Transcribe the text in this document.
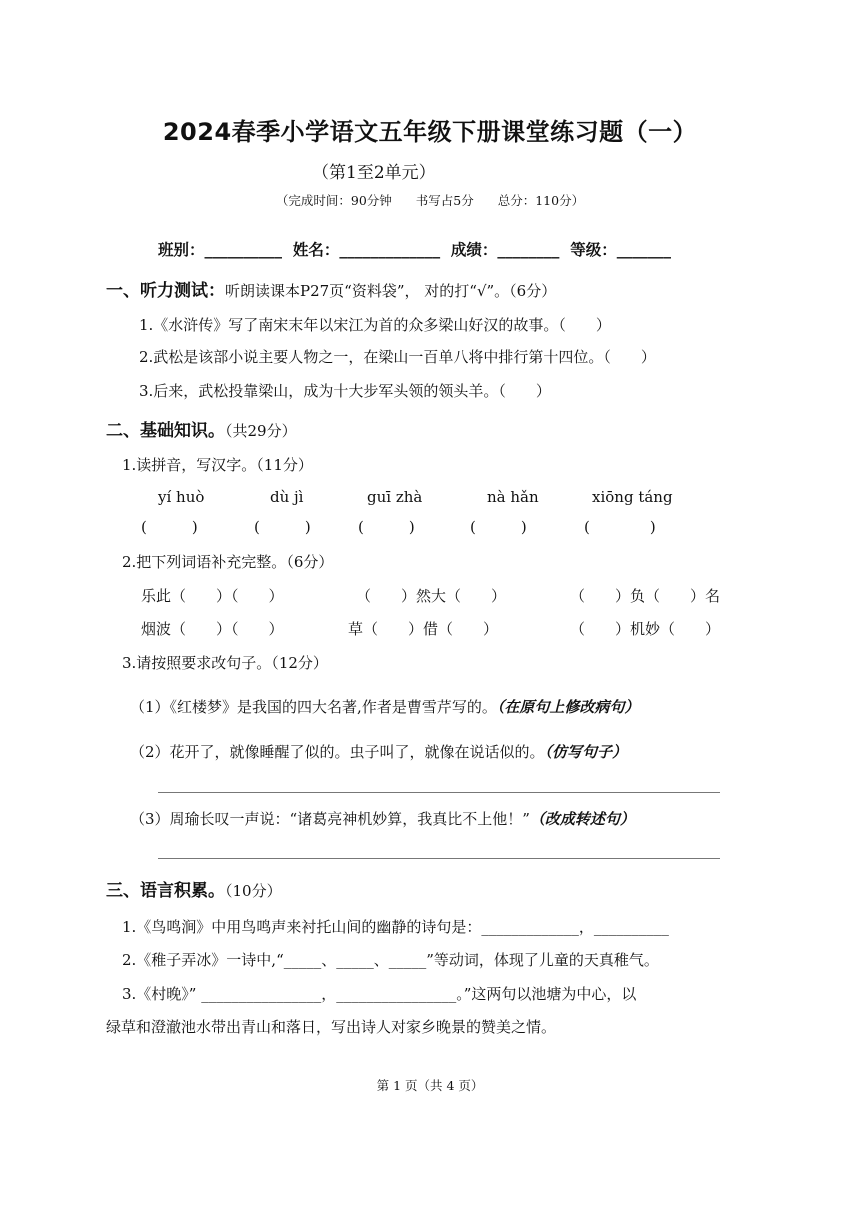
2024春季小学语文五年级下册课堂练习题（一）
（第1至2单元）
（完成时间：90分钟 书写占5分 总分：110分）
班别：__________ 姓名：_____________ 成绩：________ 等级：_______
一、听力测试：听朗读课本P27页“资料袋”， 对的打“√”。（6分）
1.《水浒传》写了南宋末年以宋江为首的众多梁山好汉的故事。（　　）
2.武松是该部小说主要人物之一，在梁山一百单八将中排行第十四位。（　　）
3.后来，武松投靠梁山，成为十大步军头领的领头羊。（　　）
二、基础知识。（共29分）
1.读拼音，写汉字。（11分）
yí huò	dù jì	guī zhà	nà hǎn	xiōng táng
(　　　)	(　　　)	(　　　)	(　　　)	(　　　　)
2.把下列词语补充完整。（6分）
乐此（　　）（　　）	（　　）然大（　　）	（　　）负（　　）名
烟波（　　）（　　）	草（　　）借（　　）	（　　）机妙（　　）
3.请按照要求改句子。（12分）
（1）《红楼梦》是我国的四大名著,作者是曹雪芹写的。（在原句上修改病句）
（2）花开了，就像睡醒了似的。虫子叫了，就像在说话似的。（仿写句子）
（3）周瑜长叹一声说：“诸葛亮神机妙算，我真比不上他！”（改成转述句）
三、语言积累。（10分）
1.《鸟鸣涧》中用鸟鸣声来衬托山间的幽静的诗句是：_____________，__________
2.《稚子弄冰》一诗中,“_____、_____、_____”等动词，体现了儿童的天真稚气。
3.《村晚》” ________________，________________。”这两句以池塘为中心，以
绿草和澄澈池水带出青山和落日，写出诗人对家乡晚景的赞美之情。
第 1 页（共 4 页）
